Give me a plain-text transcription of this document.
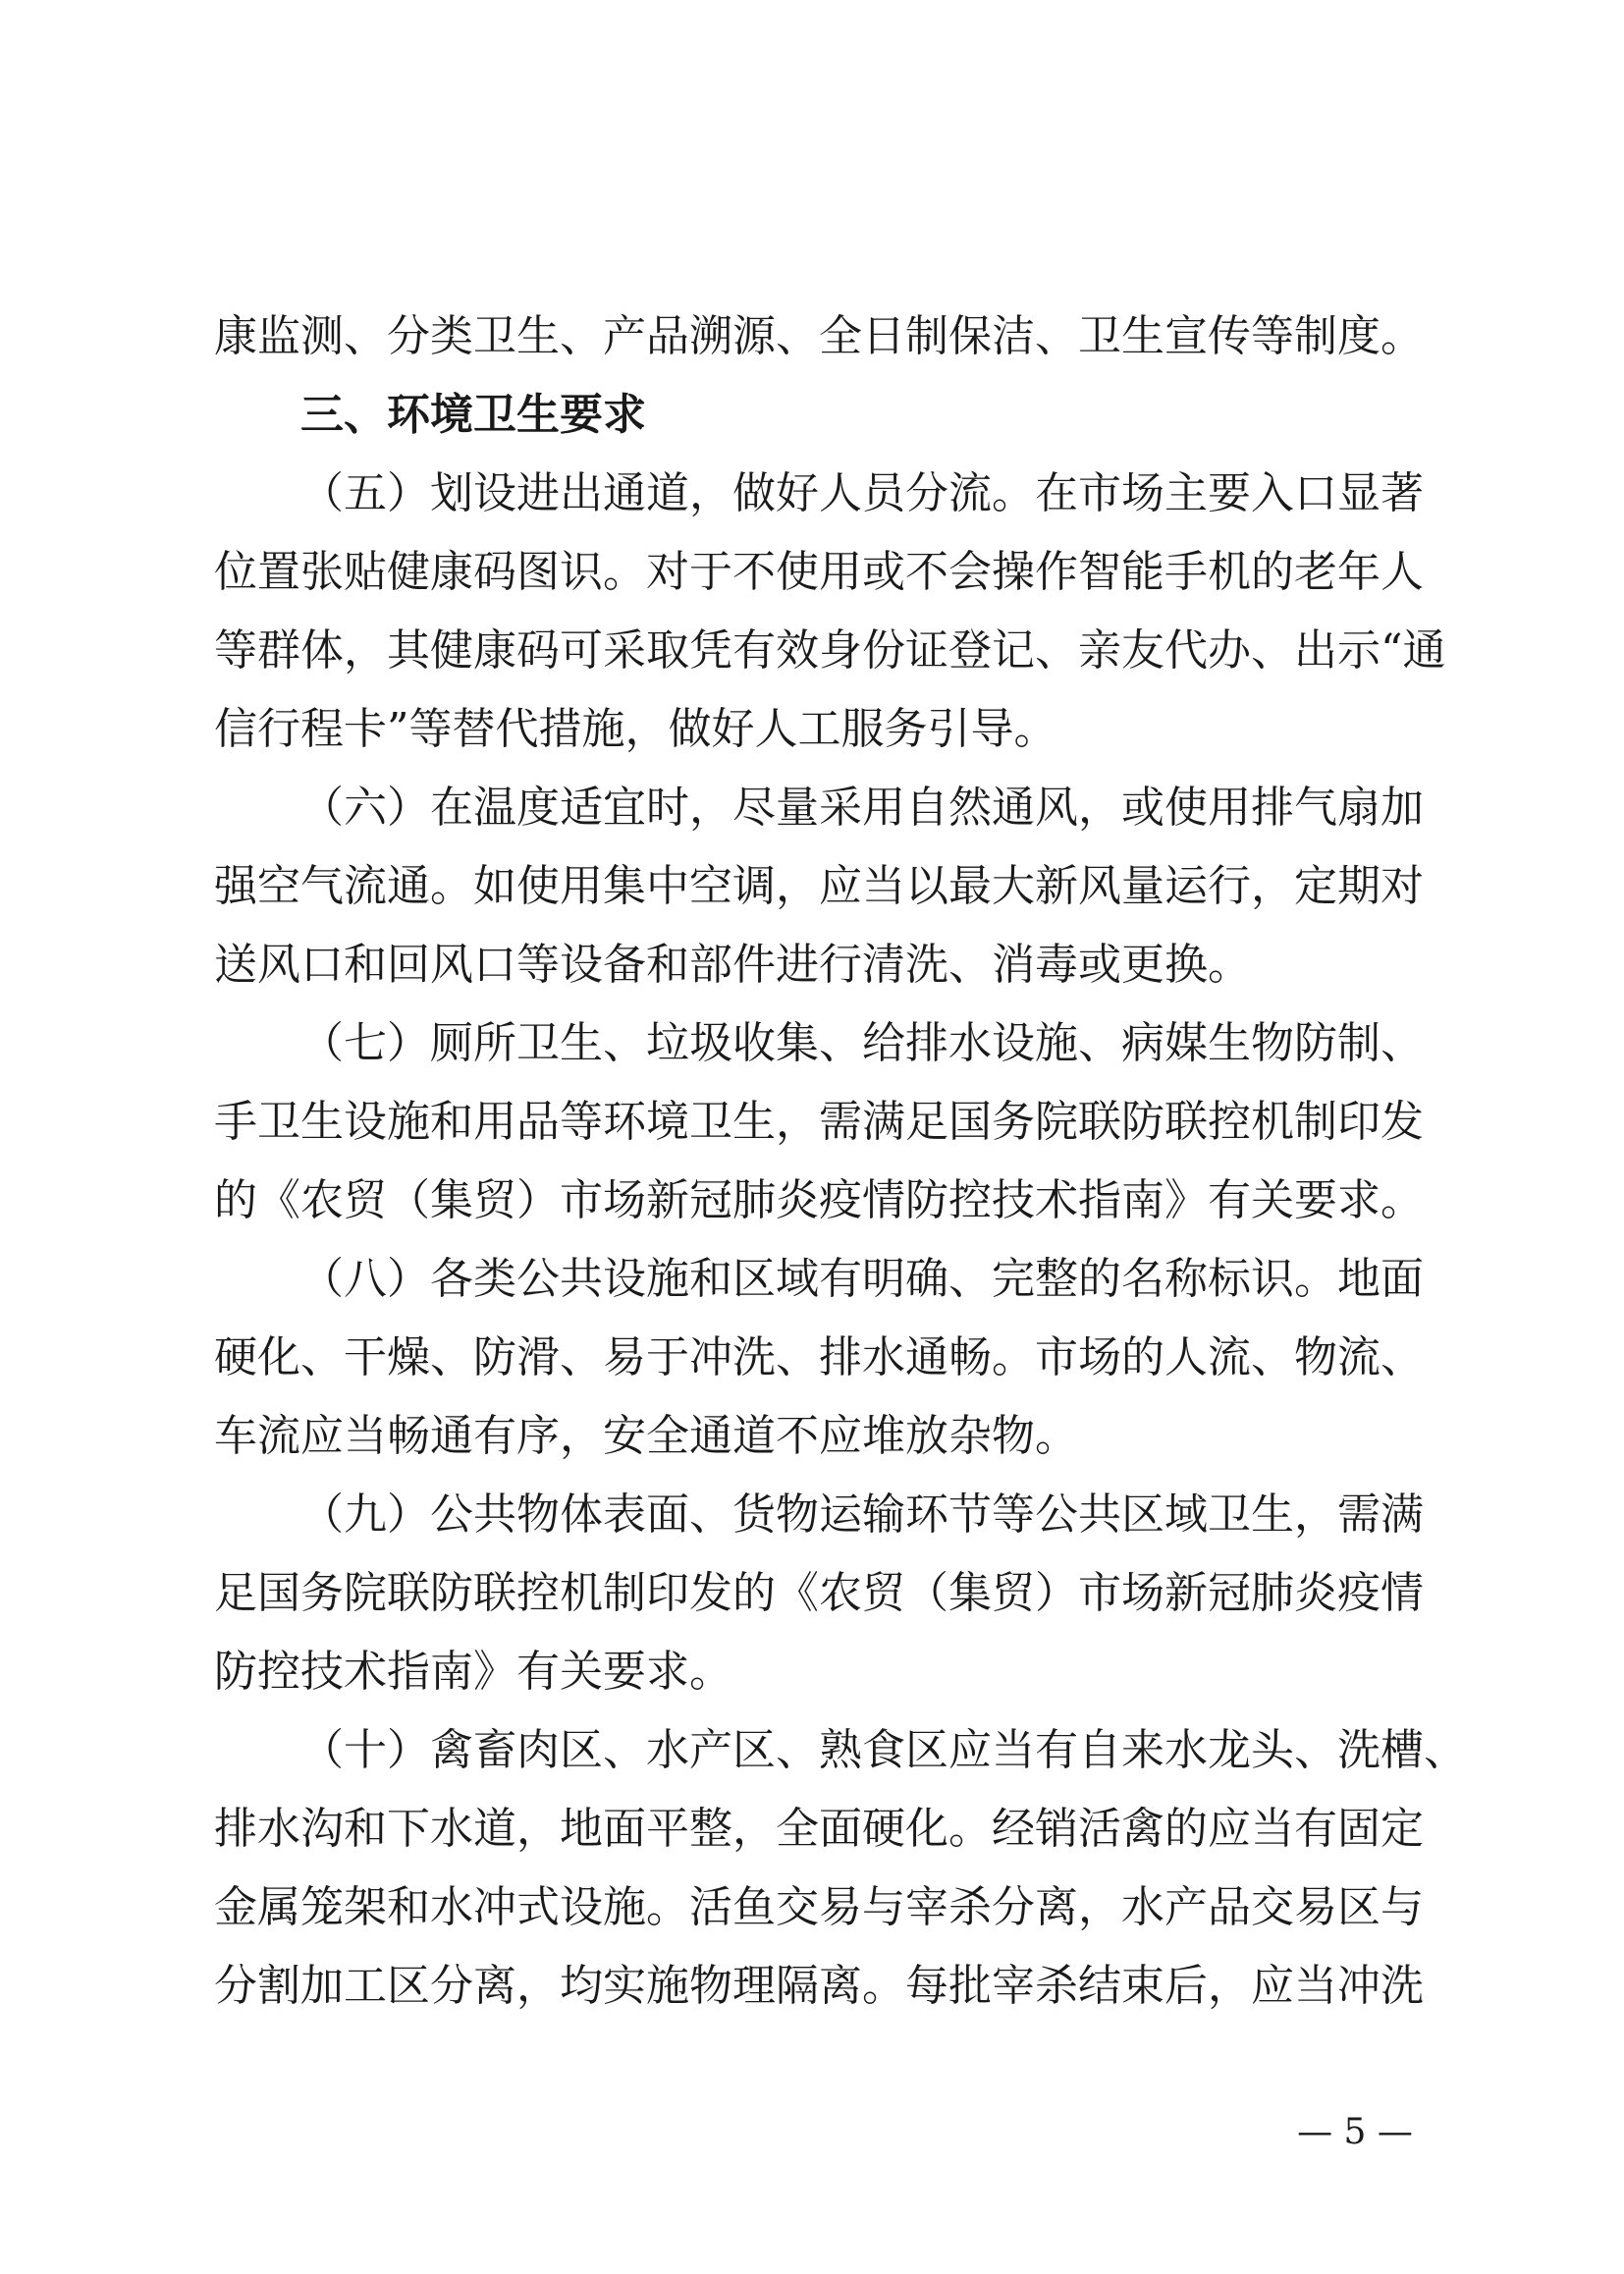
康监测、分类卫生、产品溯源、全日制保洁、卫生宣传等制度。
三、环境卫生要求
（五）划设进出通道，做好人员分流。在市场主要入口显著
位置张贴健康码图识。对于不使用或不会操作智能手机的老年人
等群体，其健康码可采取凭有效身份证登记、亲友代办、出示“通
信行程卡”等替代措施，做好人工服务引导。
（六）在温度适宜时，尽量采用自然通风，或使用排气扇加
强空气流通。如使用集中空调，应当以最大新风量运行，定期对
送风口和回风口等设备和部件进行清洗、消毒或更换。
（七）厕所卫生、垃圾收集、给排水设施、病媒生物防制、
手卫生设施和用品等环境卫生，需满足国务院联防联控机制印发
的《农贸（集贸）市场新冠肺炎疫情防控技术指南》有关要求。
（八）各类公共设施和区域有明确、完整的名称标识。地面
硬化、干燥、防滑、易于冲洗、排水通畅。市场的人流、物流、
车流应当畅通有序，安全通道不应堆放杂物。
（九）公共物体表面、货物运输环节等公共区域卫生，需满
足国务院联防联控机制印发的《农贸（集贸）市场新冠肺炎疫情
防控技术指南》有关要求。
（十）禽畜肉区、水产区、熟食区应当有自来水龙头、洗槽、
排水沟和下水道，地面平整，全面硬化。经销活禽的应当有固定
金属笼架和水冲式设施。活鱼交易与宰杀分离，水产品交易区与
分割加工区分离，均实施物理隔离。每批宰杀结束后，应当冲洗
— 5 —
